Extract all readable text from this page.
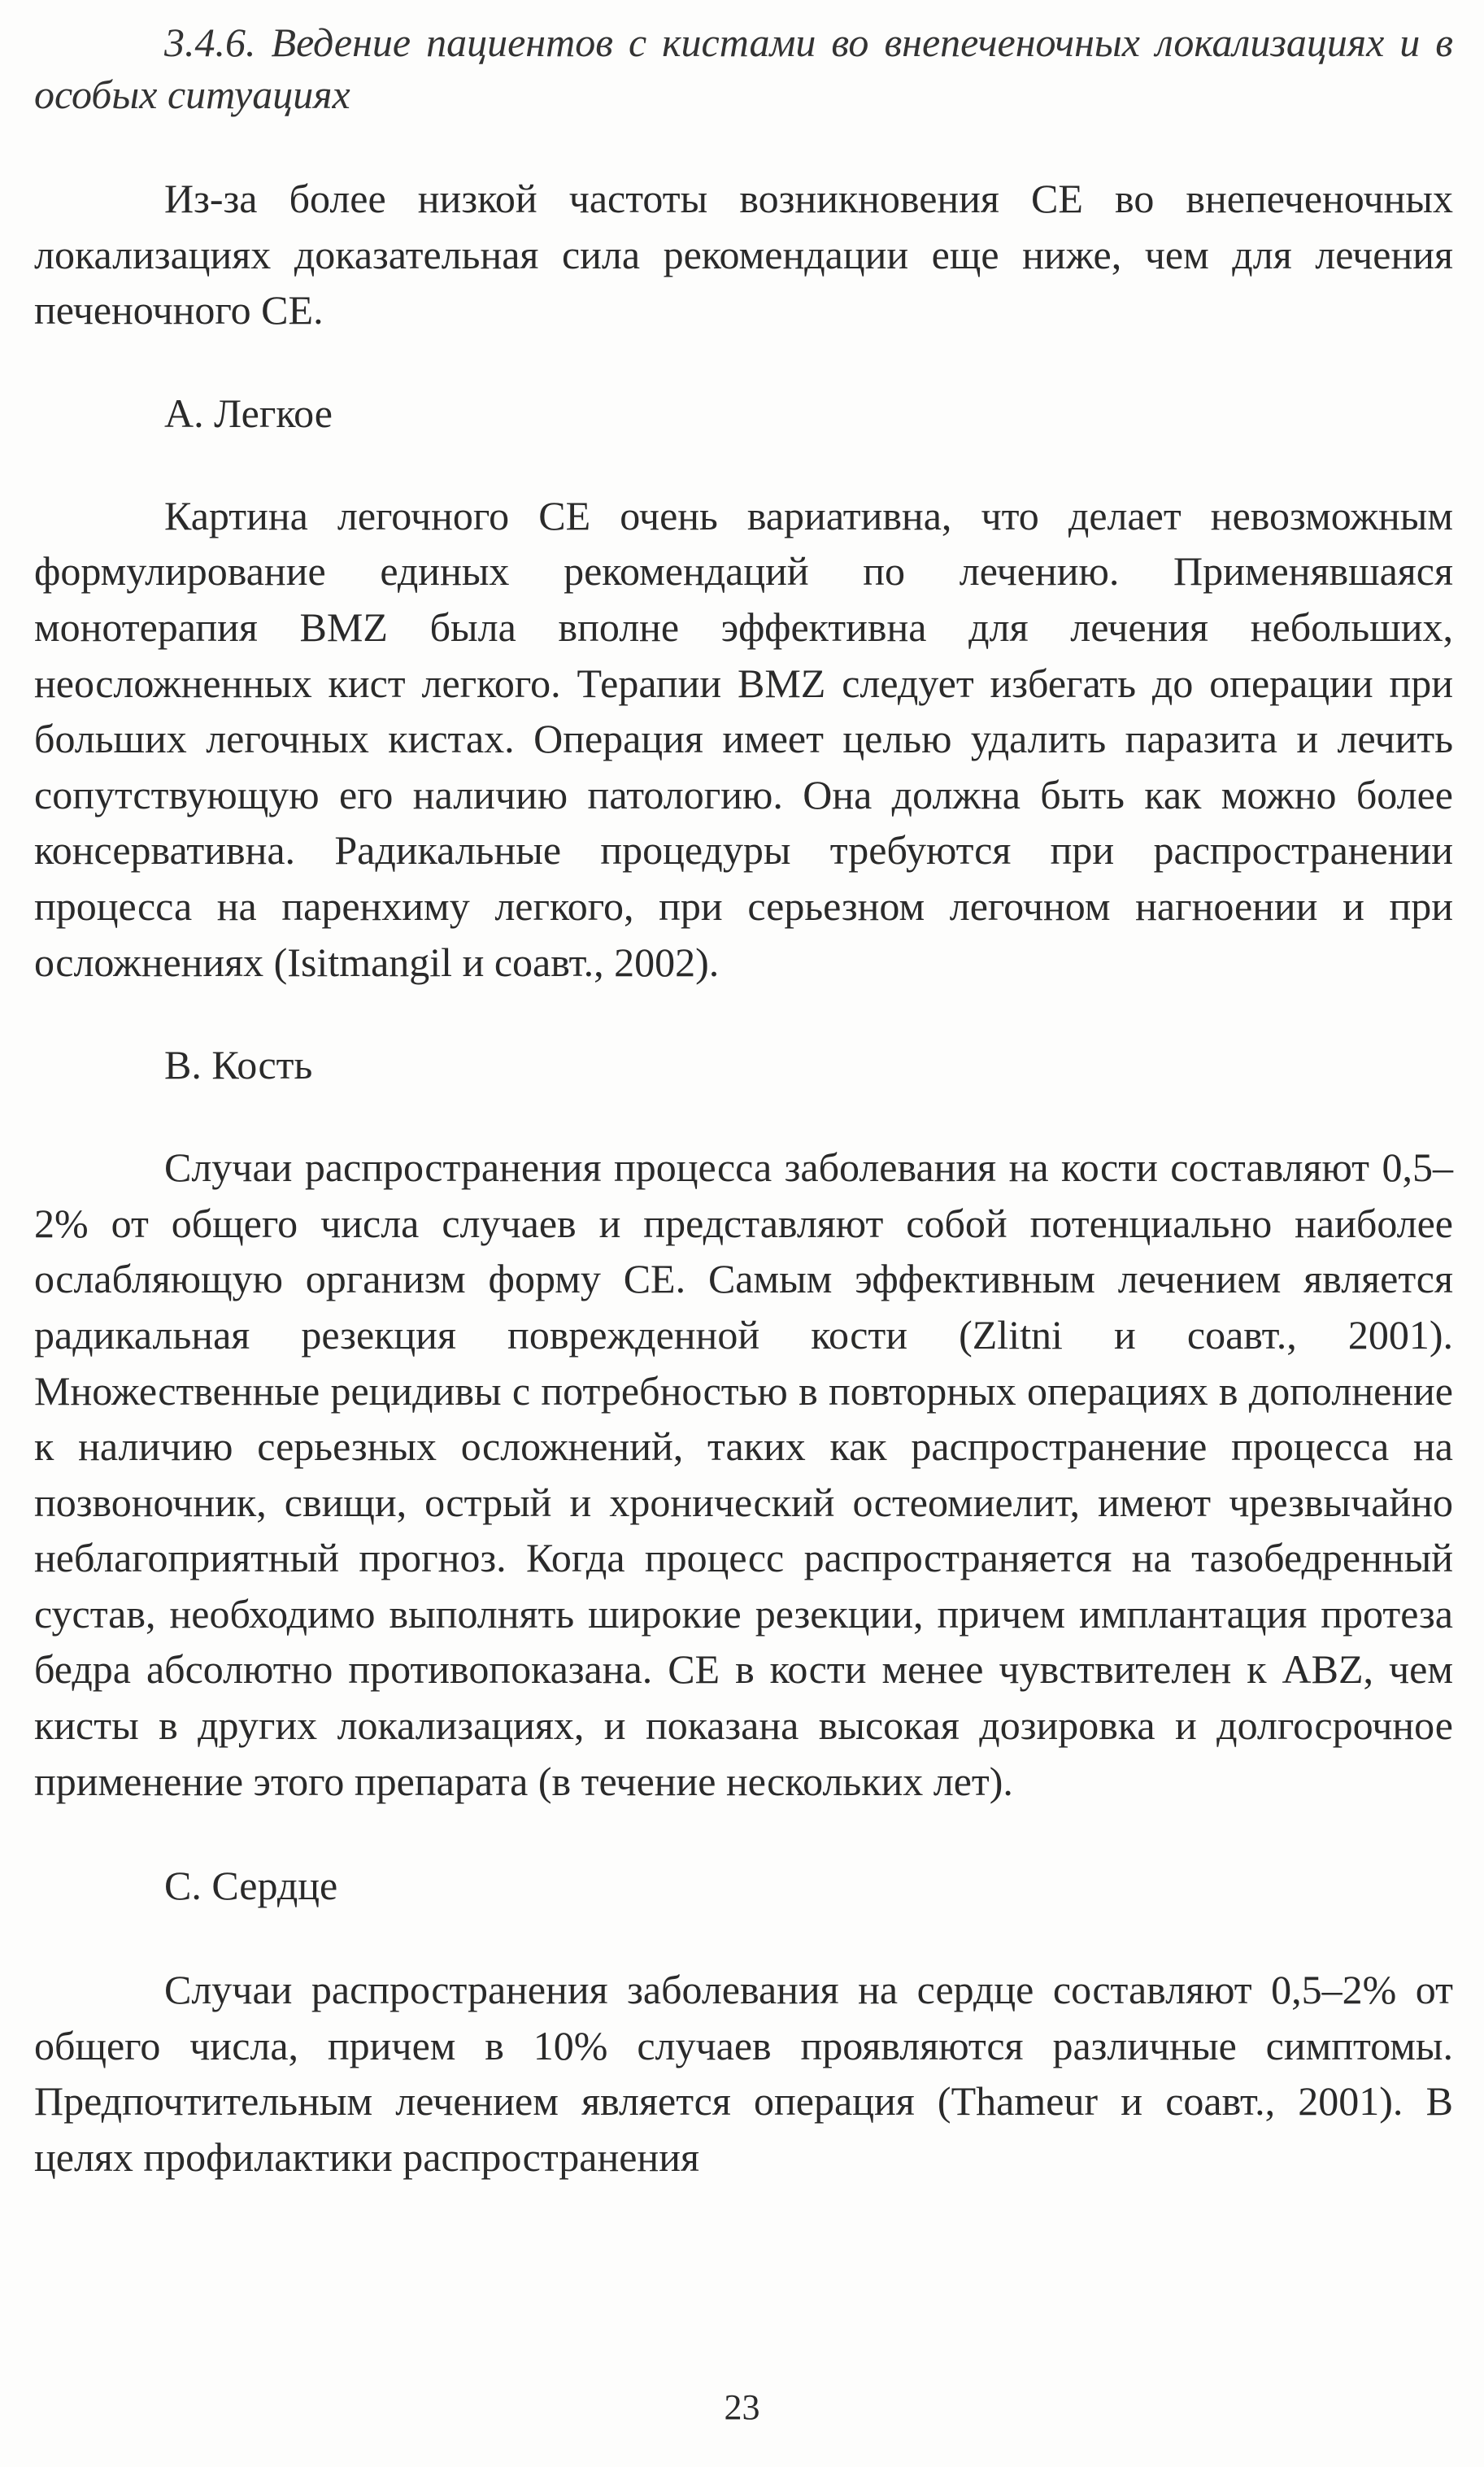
3.4.6. Ведение пациентов с кистами во внепеченочных локализациях и в особых ситуациях

Из-за более низкой частоты возникновения СЕ во внепеченочных локализациях доказательная сила рекомендации еще ниже, чем для лечения печеночного СЕ.

А. Легкое

Картина легочного СЕ очень вариативна, что делает невозможным формулирование единых рекомендаций по лечению. Применявшаяся монотерапия BMZ была вполне эффективна для лечения небольших, неосложненных кист легкого. Терапии BMZ следует избегать до операции при больших легочных кистах. Операция имеет целью удалить паразита и лечить сопутствующую его наличию патологию. Она должна быть как можно более консервативна. Радикальные процедуры требуются при распространении процесса на паренхиму легкого, при серьезном легочном нагноении и при осложнениях (Isitmangil и соавт., 2002).

В. Кость

Случаи распространения процесса заболевания на кости составляют 0,5–2% от общего числа случаев и представляют собой потенциально наиболее ослабляющую организм форму СЕ. Самым эффективным лечением является радикальная резекция поврежденной кости (Zlitni и соавт., 2001). Множественные рецидивы с потребностью в повторных операциях в дополнение к наличию серьезных осложнений, таких как распространение процесса на позвоночник, свищи, острый и хронический остеомиелит, имеют чрезвычайно неблагоприятный прогноз. Когда процесс распространяется на тазобедренный сустав, необходимо выполнять широкие резекции, причем имплантация протеза бедра абсолютно противопоказана. СЕ в кости менее чувствителен к ABZ, чем кисты в других локализациях, и показана высокая дозировка и долгосрочное применение этого препарата (в течение нескольких лет).

С. Сердце

Случаи распространения заболевания на сердце составляют 0,5–2% от общего числа, причем в 10% случаев проявляются различные симптомы. Предпочтительным лечением является операция (Thameur и соавт., 2001). В целях профилактики распространения

23
